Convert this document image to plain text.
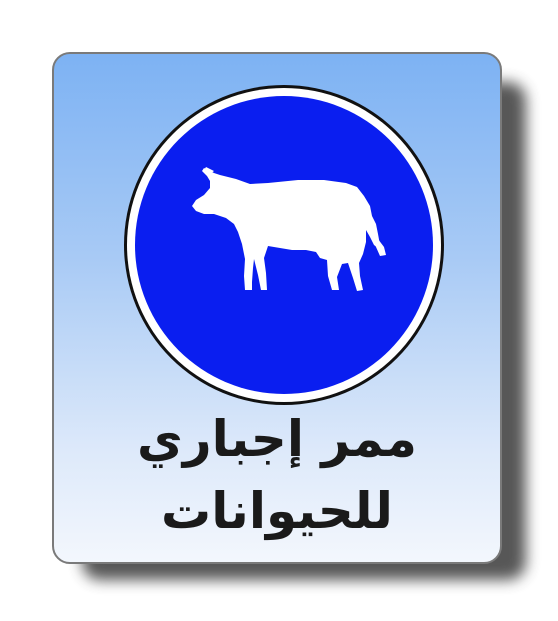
ممر إجباري
للحيوانات
